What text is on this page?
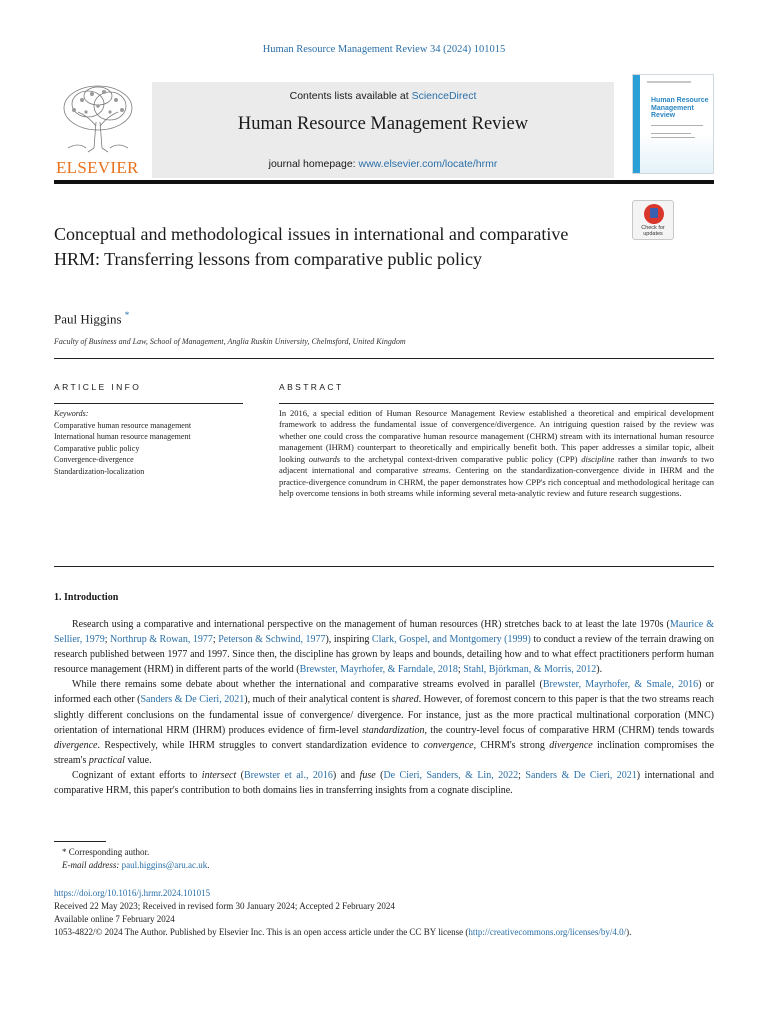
Human Resource Management Review 34 (2024) 101015
ELSEVIER
Contents lists available at ScienceDirect
Human Resource Management Review
journal homepage: www.elsevier.com/locate/hrmr
Human Resource Management Review
Conceptual and methodological issues in international and comparative HRM: Transferring lessons from comparative public policy
Check for updates
Paul Higgins *
Faculty of Business and Law, School of Management, Anglia Ruskin University, Chelmsford, United Kingdom
ARTICLE INFO	ABSTRACT
Keywords:
Comparative human resource management
International human resource management
Comparative public policy
Convergence-divergence
Standardization-localization
In 2016, a special edition of Human Resource Management Review established a theoretical and empirical development framework to address the fundamental issue of convergence/divergence. An intriguing question raised by the review was whether one could cross the comparative human resource management (CHRM) stream with its international human resource management (IHRM) counterpart to theoretically and empirically benefit both. This paper addresses a similar topic, albeit looking outwards to the archetypal context-driven comparative public policy (CPP) discipline rather than inwards to two adjacent international and comparative streams. Centering on the standardization-convergence divide in IHRM and the practice-divergence conundrum in CHRM, the paper demonstrates how CPP's rich conceptual and methodological heritage can help overcome tensions in both streams while informing several meta-analytic review and future research suggestions.
1. Introduction

Research using a comparative and international perspective on the management of human resources (HR) stretches back to at least the late 1970s (Maurice & Sellier, 1979; Northrup & Rowan, 1977; Peterson & Schwind, 1977), inspiring Clark, Gospel, and Montgomery (1999) to conduct a review of the terrain drawing on research published between 1977 and 1997. Since then, the discipline has grown by leaps and bounds, detailing how and to what effect practitioners perform human resource management (HRM) in different parts of the world (Brewster, Mayrhofer, & Farndale, 2018; Stahl, Björkman, & Morris, 2012).

While there remains some debate about whether the international and comparative streams evolved in parallel (Brewster, Mayrhofer, & Smale, 2016) or informed each other (Sanders & De Cieri, 2021), much of their analytical content is shared. However, of foremost concern to this paper is that the two streams reach slightly different conclusions on the fundamental issue of convergence/ divergence. For instance, just as the more practical multinational corporation (MNC) orientation of international HRM (IHRM) produces evidence of firm-level standardization, the country-level focus of comparative HRM (CHRM) tends towards divergence. Respectively, while IHRM struggles to convert standardization evidence to convergence, CHRM's strong divergence inclination compromises the stream's practical value.

Cognizant of extant efforts to intersect (Brewster et al., 2016) and fuse (De Cieri, Sanders, & Lin, 2022; Sanders & De Cieri, 2021) international and comparative HRM, this paper's contribution to both domains lies in transferring insights from a cognate discipline.

* Corresponding author.
E-mail address: paul.higgins@aru.ac.uk.
https://doi.org/10.1016/j.hrmr.2024.101015
Received 22 May 2023; Received in revised form 30 January 2024; Accepted 2 February 2024
Available online 7 February 2024
1053-4822/© 2024 The Author. Published by Elsevier Inc. This is an open access article under the CC BY license (http://creativecommons.org/licenses/by/4.0/).
